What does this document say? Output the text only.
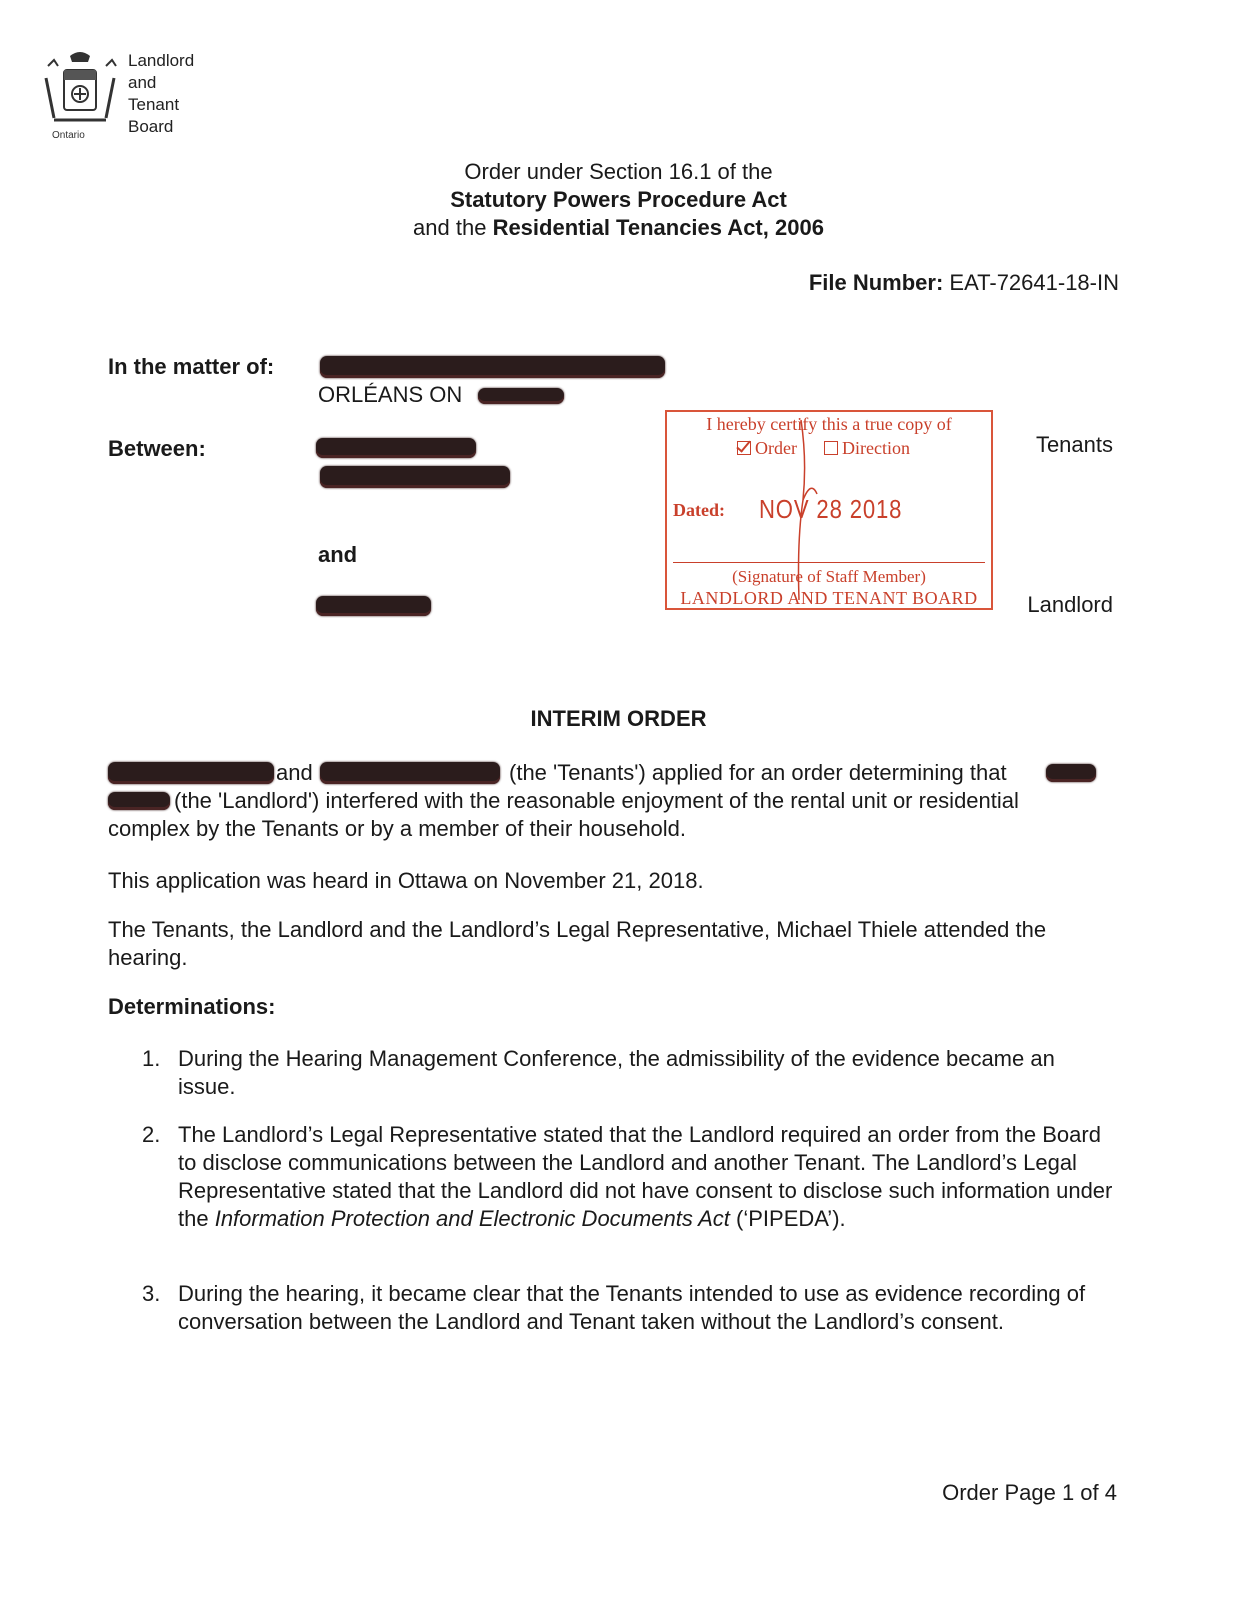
Ontario
Landlord
and
Tenant
Board
Order under Section 16.1 of the
Statutory Powers Procedure Act
and the Residential Tenancies Act, 2006
File Number: EAT-72641-18-IN
In the matter of:
ORLÉANS ON
Between:
and
Tenants
Landlord
I hereby certify this a true copy of
Order	Direction
Dated: NOV 28 2018
(Signature of Staff Member)
LANDLORD AND TENANT BOARD
INTERIM ORDER
and	(the 'Tenants') applied for an order determining that
(the 'Landlord') interfered with the reasonable enjoyment of the rental unit or residential
complex by the Tenants or by a member of their household.
This application was heard in Ottawa on November 21, 2018.
The Tenants, the Landlord and the Landlord’s Legal Representative, Michael Thiele attended the hearing.
Determinations:
1. During the Hearing Management Conference, the admissibility of the evidence became an issue.
2. The Landlord’s Legal Representative stated that the Landlord required an order from the Board to disclose communications between the Landlord and another Tenant. The Landlord’s Legal Representative stated that the Landlord did not have consent to disclose such information under the Information Protection and Electronic Documents Act (‘PIPEDA’).
3. During the hearing, it became clear that the Tenants intended to use as evidence recording of conversation between the Landlord and Tenant taken without the Landlord’s consent.
Order Page 1 of 4
